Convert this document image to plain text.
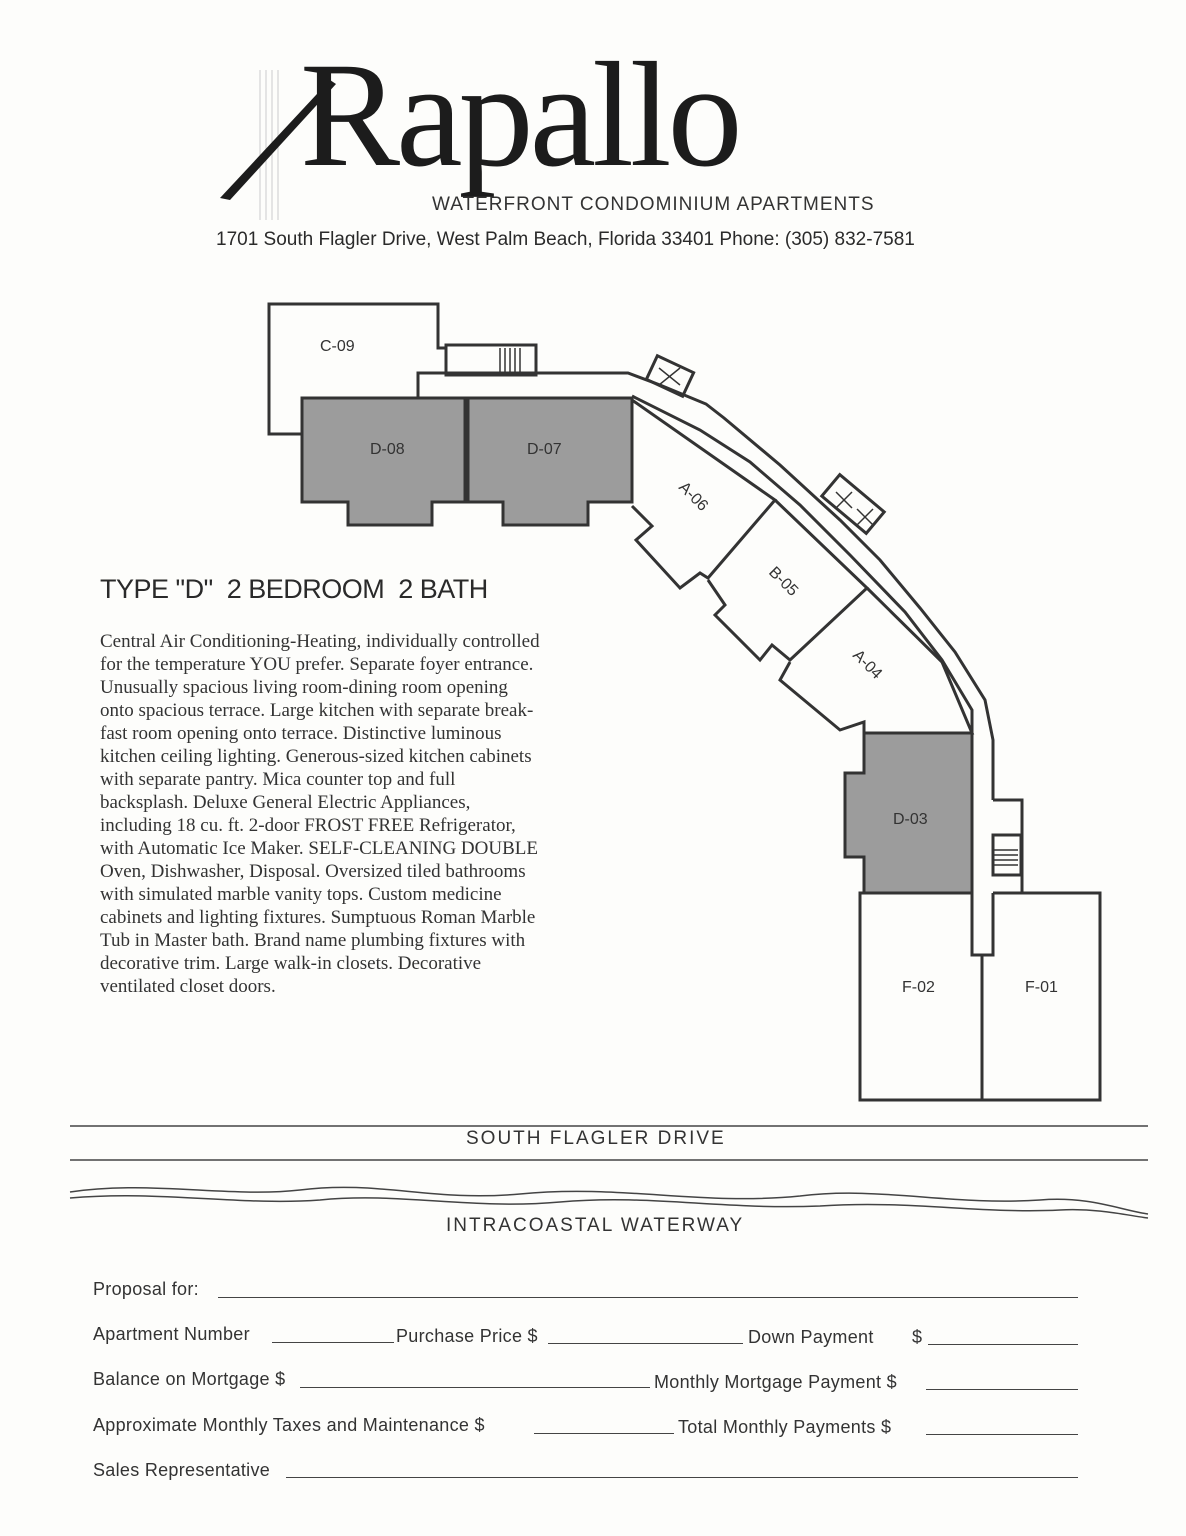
Rapallo
WATERFRONT CONDOMINIUM APARTMENTS
1701 South Flagler Drive, West Palm Beach, Florida 33401 Phone: (305) 832-7581
C-09
D-08	D-07
A-06
B-05
A-04
D-03
F-02	F-01
TYPE "D"  2 BEDROOM  2 BATH
Central Air Conditioning-Heating, individually controlled
for the temperature YOU prefer. Separate foyer entrance.
Unusually spacious living room-dining room opening
onto spacious terrace. Large kitchen with separate break-
fast room opening onto terrace. Distinctive luminous
kitchen ceiling lighting. Generous-sized kitchen cabinets
with separate pantry. Mica counter top and full
backsplash. Deluxe General Electric Appliances,
including 18 cu. ft. 2-door FROST FREE Refrigerator,
with Automatic Ice Maker. SELF-CLEANING DOUBLE
Oven, Dishwasher, Disposal. Oversized tiled bathrooms
with simulated marble vanity tops. Custom medicine
cabinets and lighting fixtures. Sumptuous Roman Marble
Tub in Master bath. Brand name plumbing fixtures with
decorative trim. Large walk-in closets. Decorative
ventilated closet doors.
SOUTH FLAGLER DRIVE
INTRACOASTAL WATERWAY
Proposal for:
Apartment Number	Purchase Price $	Down Payment $
Balance on Mortgage $	Monthly Mortgage Payment $
Approximate Monthly Taxes and Maintenance $	Total Monthly Payments $
Sales Representative
